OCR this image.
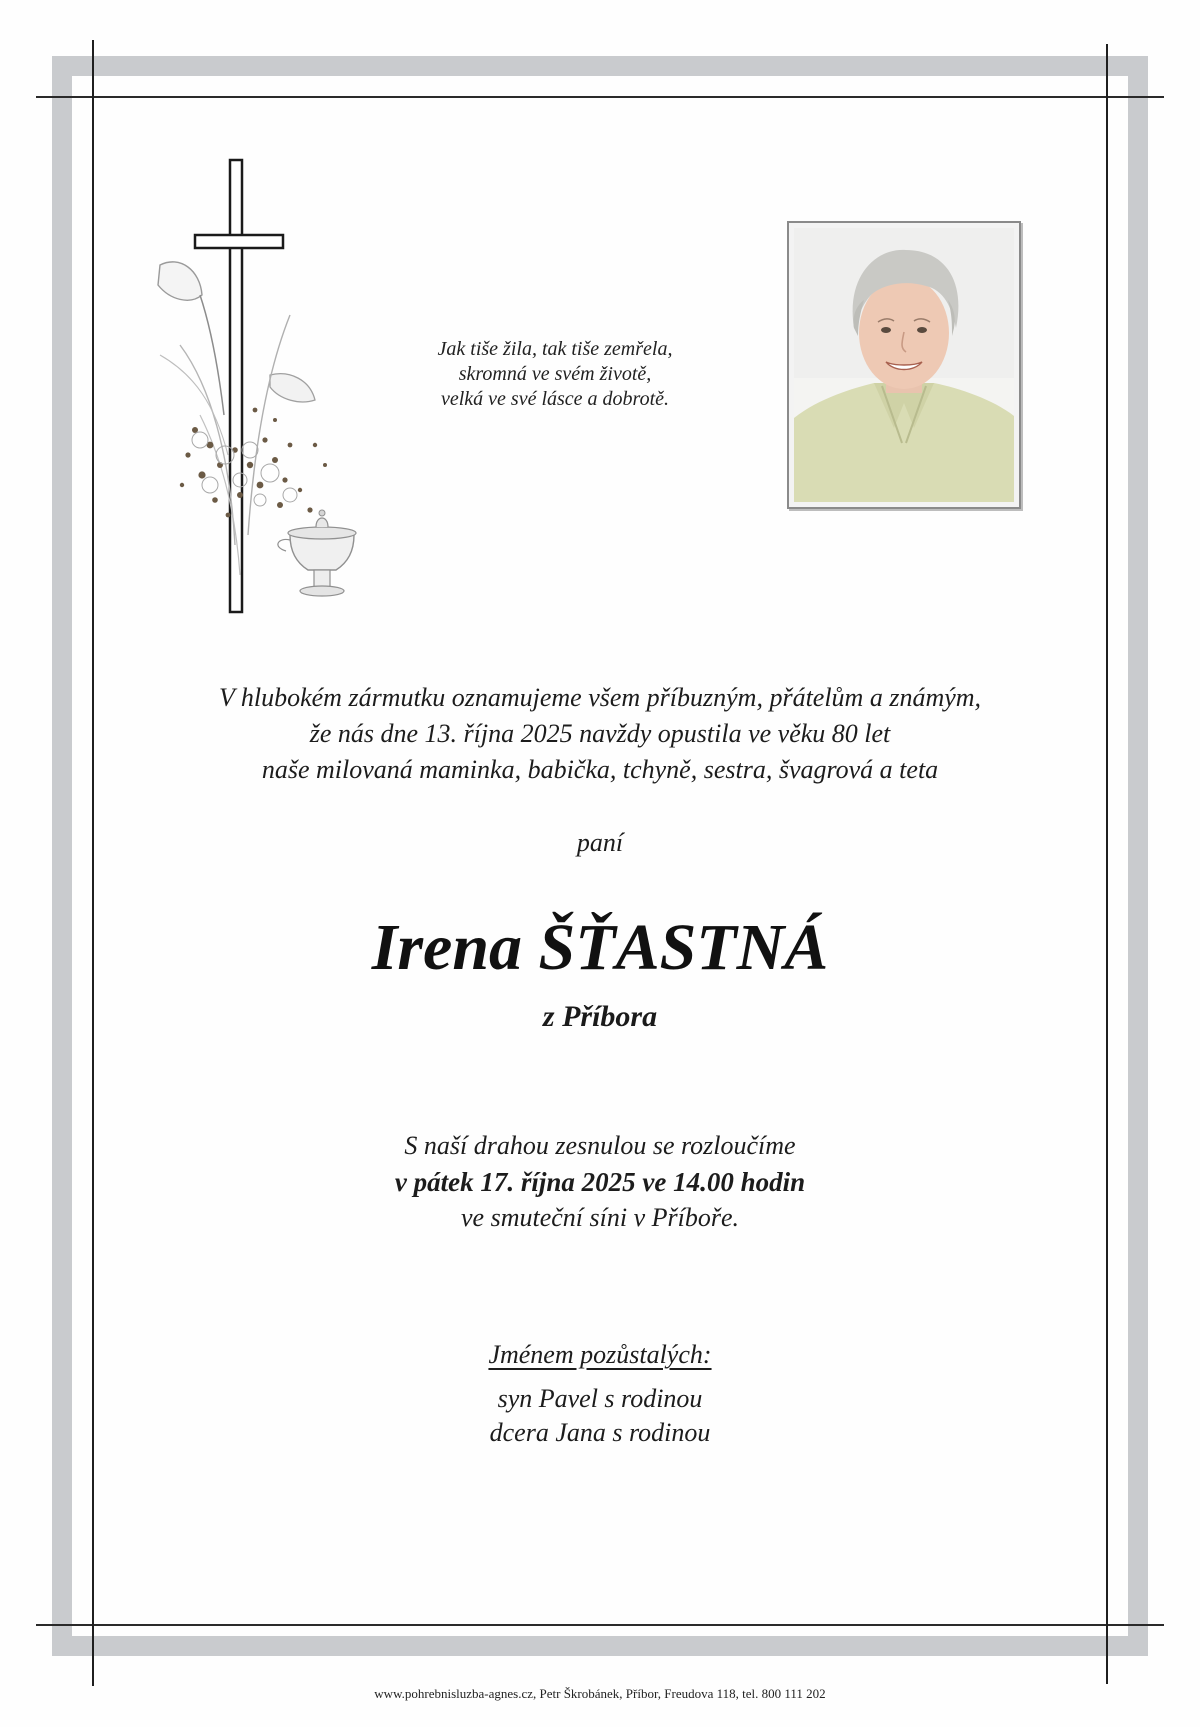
Jak tiše žila, tak tiše zemřela,
skromná ve svém životě,
velká ve své lásce a dobrotě.
V hlubokém zármutku oznamujeme všem příbuzným, přátelům a známým,
že nás dne 13. října 2025 navždy opustila ve věku 80 let
naše milovaná maminka, babička, tchyně, sestra, švagrová a teta
paní
Irena ŠŤASTNÁ
z Příbora
S naší drahou zesnulou se rozloučíme
v pátek 17. října 2025 ve 14.00 hodin
ve smuteční síni v Příboře.
Jménem pozůstalých:
syn Pavel s rodinou
dcera Jana s rodinou
www.pohrebnisluzba-agnes.cz, Petr Škrobánek, Příbor, Freudova 118, tel. 800 111 202
